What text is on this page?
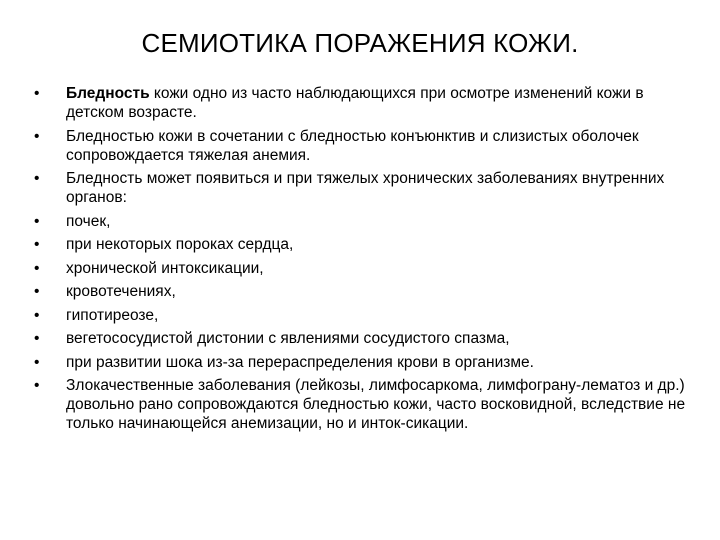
СЕМИОТИКА ПОРАЖЕНИЯ КОЖИ.
•	Бледность кожи одно из часто наблюдающихся при осмотре изменений кожи в детском возрасте.
•	Бледностью кожи в сочетании с бледностью конъюнктив и слизистых оболочек сопровождается тяжелая анемия.
•	Бледность может появиться и при тяжелых хронических заболеваниях внутренних органов:
•	почек,
•	при некоторых пороках сердца,
•	хронической интоксикации,
•	кровотечениях,
•	гипотиреозе,
•	вегетососудистой дистонии с явлениями сосудистого спазма,
•	при развитии шока из-за перераспределения крови в организме.
•	Злокачественные заболевания (лейкозы, лимфосаркома, лимфограну-лематоз и др.) довольно рано сопровождаются бледностью кожи, часто восковидной, вследствие не только начинающейся анемизации, но и инток-сикации.
